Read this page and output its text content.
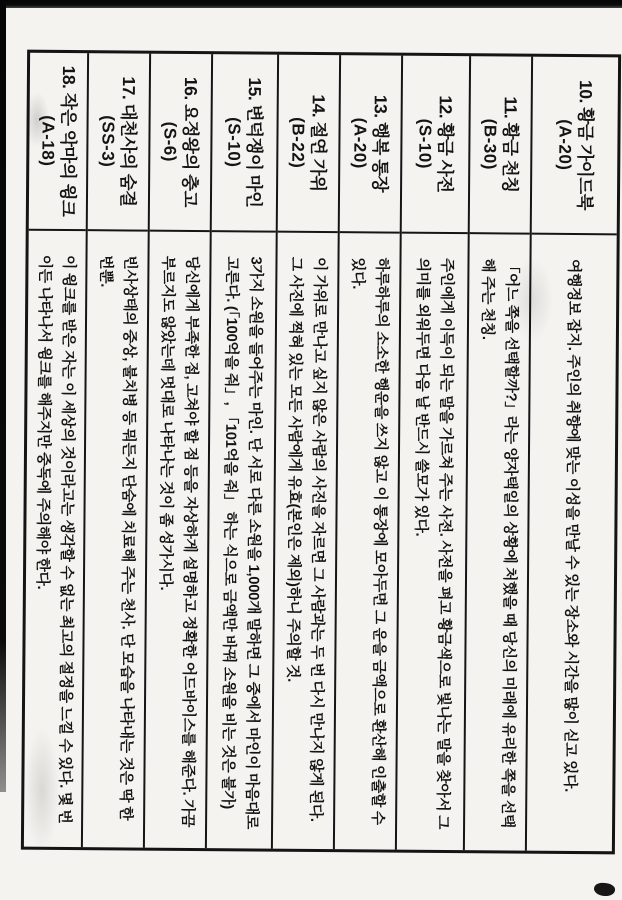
10. 황금 가이드북
(A-20)
여행정보 잡지. 주인의 취향에 맞는 이성을 만날 수 있는 장소와 시간을 많이 싣고 있다.
11. 황금 천칭
(B-30)
「어느 쪽을 선택할까?」라는 양자택일의 상황에 처했을 때 당신의 미래에 유리한 쪽을 선택해 주는 천칭.
12. 황금 사전
(S-10)
주인에게 이득이 되는 말을 가르쳐 주는 사전. 사전을 펴고 황금색으로 빛나는 말을 찾아서 그 의미를 외워두면 다음 날 반드시 쓸모가 있다.
13. 행복 통장
(A-20)
하루하루의 소소한 행운을 쓰지 않고 이 통장에 모아두면 그 운을 금액으로 환산해 인출할 수 있다.
14. 절연 가위
(B-22)
이 가위로 만나고 싶지 않은 사람의 사진을 자르면 그 사람과는 두 번 다시 만나지 않게 된다. 그 사진에 찍혀 있는 모든 사람에게 유효(본인은 제외)하니 주의할 것.
15. 변덕쟁이 마인
(S-10)
3가지 소원을 들어주는 마인. 단 서로 다른 소원을 1,000개 말하면 그 중에서 마인이 마음대로 고른다. (「100억을 줘」, 「101억을 줘」 하는 식으로 금액만 바꿔 소원을 비는 것은 불가)
16. 요정왕의 충고
(S-6)
당신에게 부족한 점, 고쳐야 할 점 등을 자상하게 설명하고 정확한 어드바이스를 해준다. 가끔 부르지도 않았는데 멋대로 나타나는 것이 좀 성가시다.
17. 대천사의 숨결
(SS-3)
빈사상태의 중상, 불치병 등 뭐든지 단숨에 치료해 주는 천사. 단 모습을 나타내는 것은 딱 한 번뿐.
18. 작은 악마의 윙크
(A-18)
이 윙크를 받은 자는 이 세상의 것이라고는 생각할 수 없는 최고의 절정을 느낄 수 있다. 몇 번이든 나타나서 윙크를 해주지만 중독에 주의해야 한다.
